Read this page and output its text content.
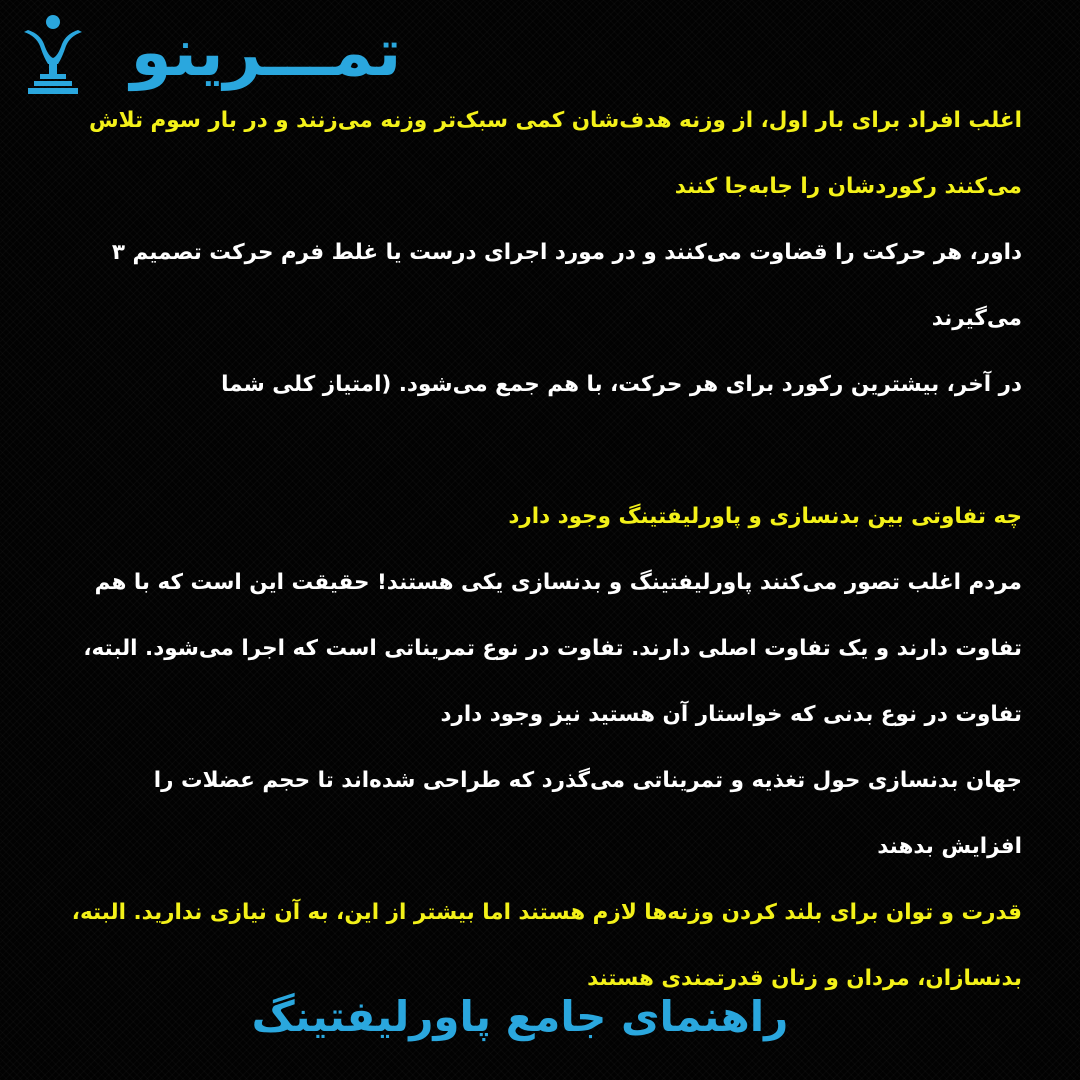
تمـــرینو

اغلب افراد برای بار اول، از وزنه هدف‌شان کمی سبک‌تر وزنه می‌زنند و در بار سوم تلاش می‌کنند رکوردشان را جابه‌جا کنند

داور، هر حرکت را قضاوت می‌کنند و در مورد اجرای درست یا غلط فرم حرکت تصمیم ۳ می‌گیرند

در آخر، بیشترین رکورد برای هر حرکت، با هم جمع می‌شود. (امتیاز کلی شما

چه تفاوتی بین بدنسازی و پاورلیفتینگ وجود دارد

مردم اغلب تصور می‌کنند پاورلیفتینگ و بدنسازی یکی هستند! حقیقت این است که با هم تفاوت دارند و یک تفاوت اصلی دارند. تفاوت در نوع تمریناتی است که اجرا می‌شود. البته، تفاوت در نوع بدنی که خواستار آن هستید نیز وجود دارد

جهان بدنسازی حول تغذیه و تمریناتی می‌گذرد که طراحی شده‌اند تا حجم عضلات را افزایش بدهند

قدرت و توان برای بلند کردن وزنه‌ها لازم هستند اما بیشتر از این، به آن نیازی ندارید. البته، بدنسازان، مردان و زنان قدرتمندی هستند

راهنمای جامع پاورلیفتینگ
